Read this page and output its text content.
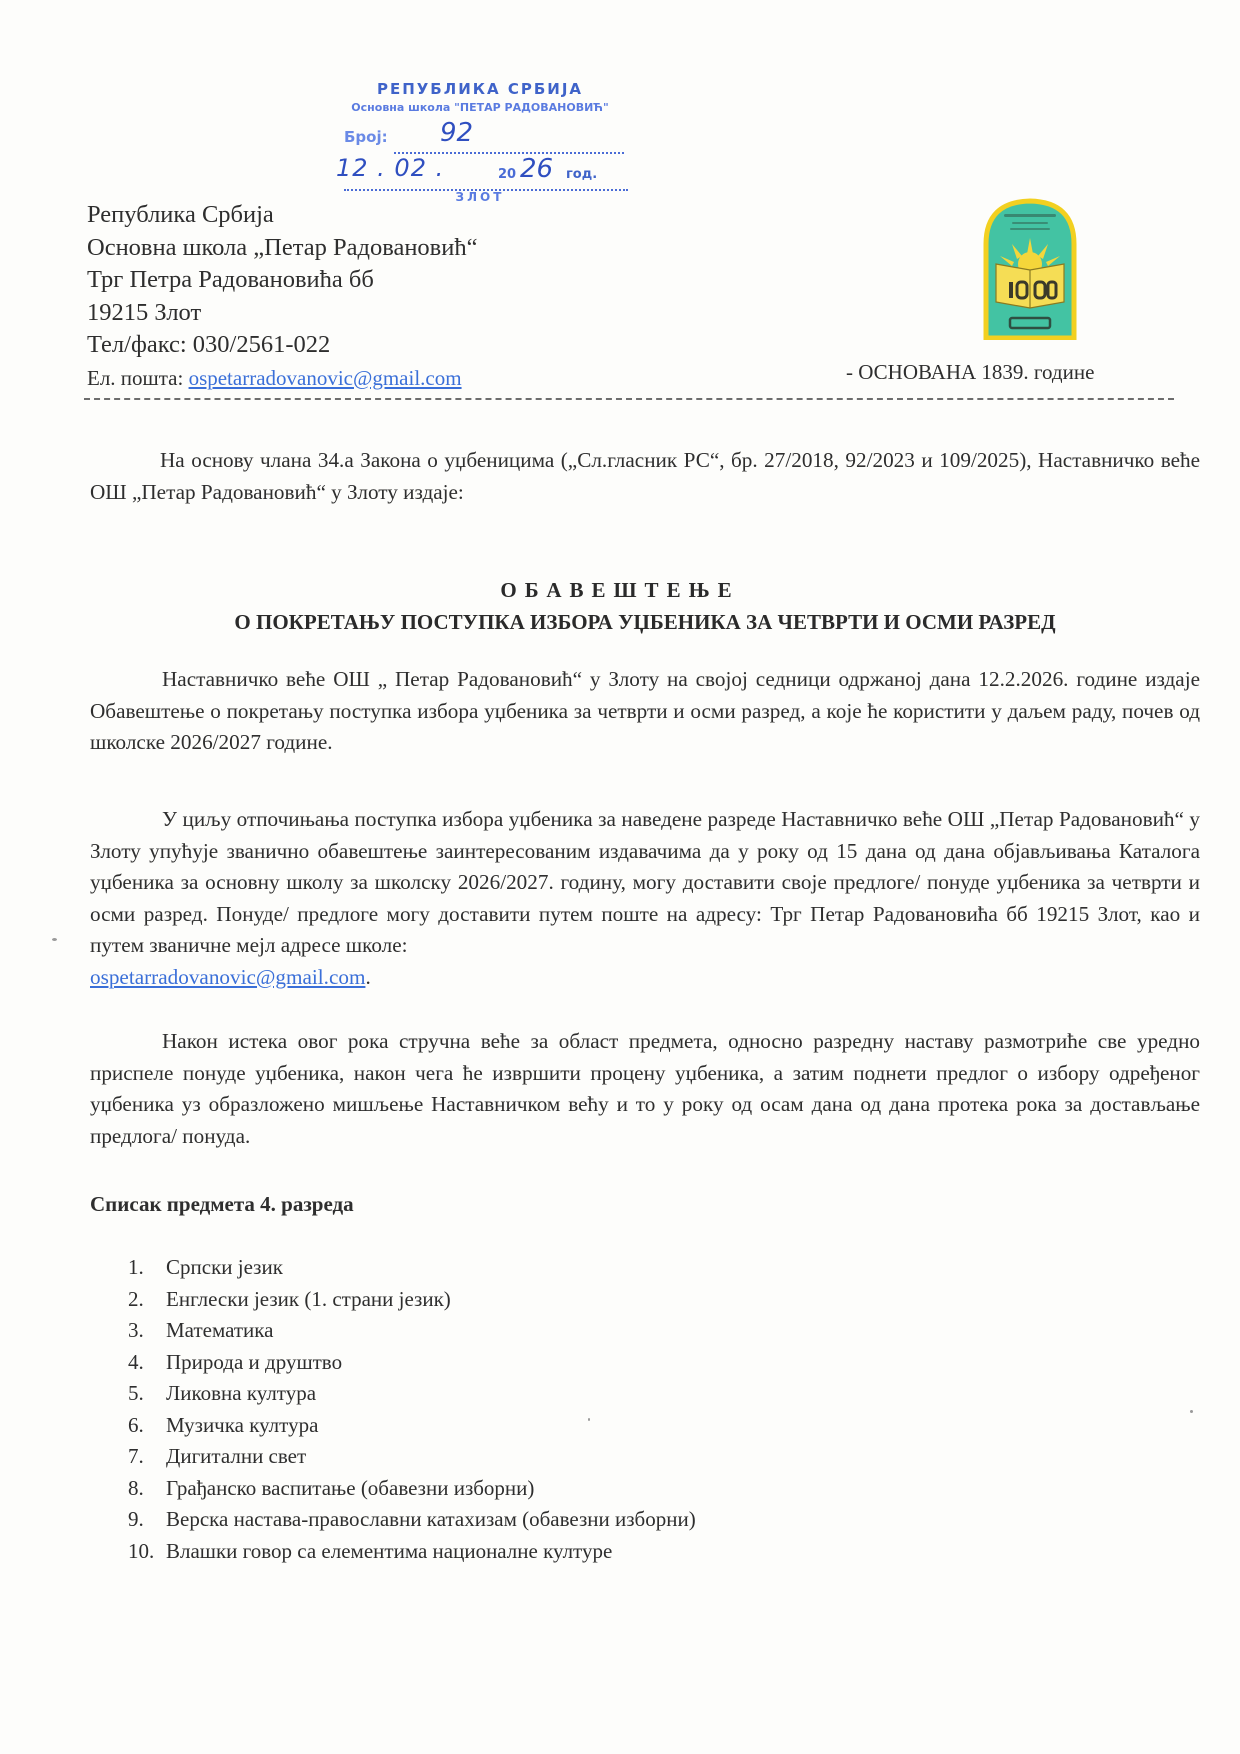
РЕПУБЛИКА СРБИЈА
Основна школа "ПЕТАР РАДОВАНОВИЋ"
Број: 92
12 . 02 .	20 26 год.
ЗЛОТ
Република Србија
Основна школа „Петар Радовановић“
Трг Петра Радовановића бб
19215 Злот
Тел/факс: 030/2561-022
Ел. пошта: ospetarradovanovic@gmail.com	- ОСНОВАНА 1839. године
На основу члана 34.а Закона о уџбеницима („Сл.гласник РС“, бр. 27/2018, 92/2023 и 109/2025), Наставничко веће ОШ „Петар Радовановић“ у Злоту издаје:
ОБАВЕШТЕЊЕ
О ПОКРЕТАЊУ ПОСТУПКА ИЗБОРА УЏБЕНИКА ЗА ЧЕТВРТИ И ОСМИ РАЗРЕД
Наставничко веће ОШ „ Петар Радовановић“ у Злоту на својој седници одржаној дана 12.2.2026. године издаје Обавештење о покретању поступка избора уџбеника за четврти и осми разред, а које ће користити у даљем раду, почев од школске 2026/2027 године.
У циљу отпочињања поступка избора уџбеника за наведене разреде Наставничко веће ОШ „Петар Радовановић“ у Злоту упућује званично обавештење заинтересованим издавачима да у року од 15 дана од дана објављивања Каталога уџбеника за основну школу за школску 2026/2027. годину, могу доставити своје предлоге/ понуде уџбеника за четврти и осми разред. Понуде/ предлоге могу доставити путем поште на адресу: Трг Петар Радовановића бб 19215 Злот, као и путем званичне мејл адресе школе:
ospetarradovanovic@gmail.com.
Након истека овог рока стручна веће за област предмета, односно разредну наставу размотриће све уредно приспеле понуде уџбеника, након чега ће извршити процену уџбеника, а затим поднети предлог о избору одређеног уџбеника уз образложено мишљење Наставничком већу и то у року од осам дана од дана протека рока за достављање предлога/ понуда.
Списак предмета 4. разреда
1.	Српски језик
2.	Енглески језик (1. страни језик)
3.	Математика
4.	Природа и друштво
5.	Ликовна култура
6.	Музичка култура
7.	Дигитални свет
8.	Грађанско васпитање (обавезни изборни)
9.	Верска настава-православни катахизам (обавезни изборни)
10. Влашки говор са елементима националне културе
